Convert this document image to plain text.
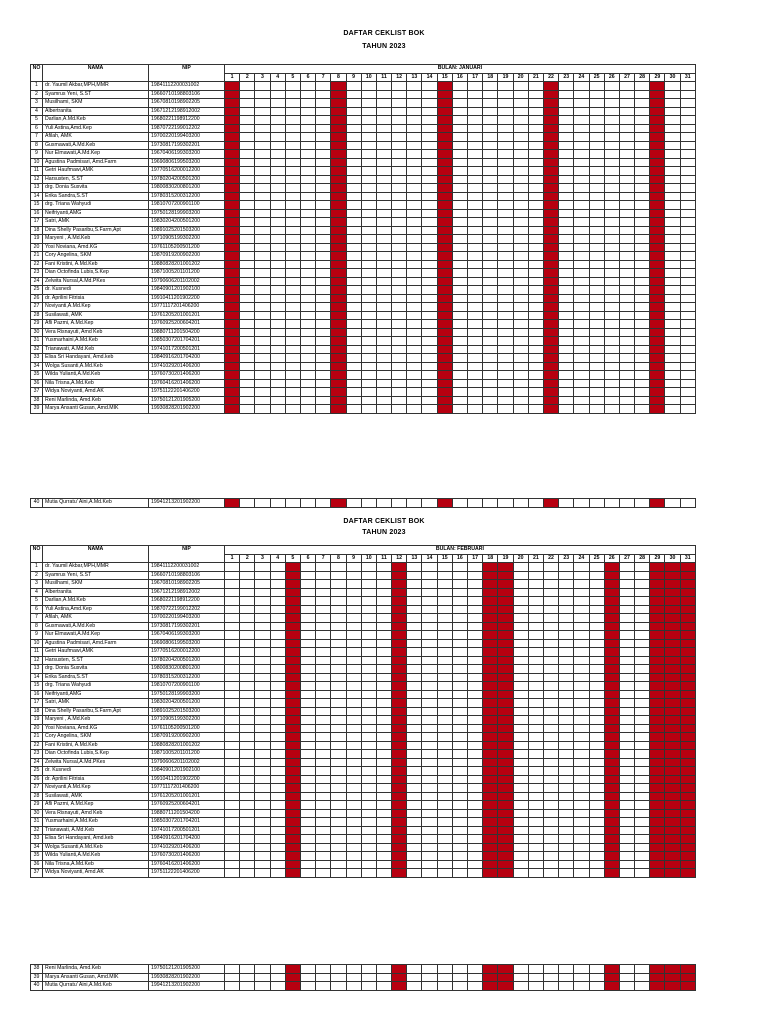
DAFTAR CEKLIST BOK
TAHUN 2023
NO	NAMA	NIP	BULAN: JANUARI																														
			1	2	3	4	5	6	7	8	9	10	11	12	13	14	15	16	17	18	19	20	21	22	23	24	25	26	27	28	29	30	31
1	dr. Yaumil Akbar,MPH,MMR	19841112200031002																															
2	Syamrus Yeni, S.ST	19660710198803106																															
3	Musilhami, SKM	19670810198902205																															
4	Albertranita	19671212198912002																															
5	Darlian,A.Md.Keb	19680221198912200																															
6	Yuli Astina,Amd.Kep	19870722199012202																															
7	Afilah, AMK	19700220199403200																															
8	Gusmawati,A.Md.Keb	19730817199302201																															
9	Nur Elmawati,A.Md.Kep	19670406199303200																															
10	Agustina Padmisari, Amd.Farm	19690806199503200																															
11	Getri Haufmawi,AMK	19770516200012200																															
12	Harsusten, S.ST	19780204200501200																															
13	drg. Donia Susvita	19800830200801200																															
14	Erika Sandra,S.ST	19780315200312200																															
15	drg. Triana Wahyudi	19810707200901100																															
16	Neifriyanti,AMG	19750128199903200																															
17	Satri, AMK	19830204200501200																															
18	Dina Shelly Pasaribu,S.Farm,Apt	19891025201503200																															
19	Maryeni , A.Md.Keb	19710905199302200																															
20	Yosi Noviana, Amd.KG	19761105200501200																															
21	Cory Angelina, SKM	19870919200902200																															
22	Fani Kristini, A.Md.Keb	19880828201001202																															
23	Dian Octofinda Lubis,S.Kep	19871005201101200																															
24	Zelwita Nursal,A.Md.PKes	19790606201102002																															
25	dr. Kusnedi	19840901201902100																															
26	dr. Aprilini Fitrisia	19910411201902200																															
27	Noviyanti,A.Md.Kep	19771117201406200																															
28	Susilawati, AMK	19761205201001201																															
29	Afli Pazmi, A.Md.Kep	19760925200604201																															
30	Vera Risnayuti, Amd Keb	19880711201504200																															
31	Yusmarhaini,A.Md.Keb	19850307201704201																															
32	Trianawati, A.Md.Keb	19741017200501201																															
33	Elisa Sri Handayani, Amd.keb	19840916201704200																															
34	Wolga Susanti,A.Md.Keb	19741029201406200																															
35	Wilda Yulianti,A.Md.Keb	19760730201406200																															
36	Nila Trisna,A.Md.Keb	19760416201406200																															
37	Widya Noviyanti, Amd.AK	19751122201406200																															
38	Reni Marlinda, Amd.Keb	19750121201905200																															
39	Marya Ansanti Gusan, Amd.MIK	19930828201902200																															
40	Mutia Qurratu' Aini,A.Md.Keb	19941213201902200																															
DAFTAR CEKLIST BOK
TAHUN 2023
NO	NAMA	NIP	BULAN: FEBRUARI																														
			1	2	3	4	5	6	7	8	9	10	11	12	13	14	15	16	17	18	19	20	21	22	23	24	25	26	27	28	29	30	31
1	dr. Yaumil Akbar,MPH,MMR	19841112200031002																															
2	Syamrus Yeni, S.ST	19660710198803106																															
3	Musilhami, SKM	19670810198902205																															
4	Albertranita	19671212198912002																															
5	Darlian,A.Md.Keb	19680221198912200																															
6	Yuli Astina,Amd.Kep	19870722199012202																															
7	Afilah, AMK	19700220199403200																															
8	Gusmawati,A.Md.Keb	19730817199302201																															
9	Nur Elmawati,A.Md.Kep	19670406199303200																															
10	Agustina Padmisari, Amd.Farm	19690806199503200																															
11	Getri Haufmawi,AMK	19770516200012200																															
12	Harsusten, S.ST	19780204200501200																															
13	drg. Donia Susvita	19800830200801200																															
14	Erika Sandra,S.ST	19780315200312200																															
15	drg. Triana Wahyudi	19810707200901100																															
16	Neifriyanti,AMG	19750128199903200																															
17	Satri, AMK	19830204200501200																															
18	Dina Shelly Pasaribu,S.Farm,Apt	19891025201503200																															
19	Maryeni , A.Md.Keb	19710905199302200																															
20	Yosi Noviana, Amd.KG	19761105200501200																															
21	Cory Angelina, SKM	19870919200902200																															
22	Fani Kristini, A.Md.Keb	19880828201001202																															
23	Dian Octofinda Lubis,S.Kep	19871005201101200																															
24	Zelwita Nursal,A.Md.PKes	19790606201102002																															
25	dr. Kusnedi	19840901201902100																															
26	dr. Aprilini Fitrisia	19910411201902200																															
27	Noviyanti,A.Md.Kep	19771117201406200																															
28	Susilawati, AMK	19761205201001201																															
29	Afli Pazmi, A.Md.Kep	19760925200604201																															
30	Vera Risnayuti, Amd Keb	19880711201504200																															
31	Yusmarhaini,A.Md.Keb	19850307201704201																															
32	Trianawati, A.Md.Keb	19741017200501201																															
33	Elisa Sri Handayani, Amd.keb	19840916201704200																															
34	Wolga Susanti,A.Md.Keb	19741029201406200																															
35	Wilda Yulianti,A.Md.Keb	19760730201406200																															
36	Nila Trisna,A.Md.Keb	19760416201406200																															
37	Widya Noviyanti, Amd.AK	19751122201406200																															
38	Reni Marlinda, Amd.Keb	19750121201905200																															
39	Marya Ansanti Gusan, Amd.MIK	19930828201902200																															
40	Mutia Qurratu' Aini,A.Md.Keb	19941213201902200																															
